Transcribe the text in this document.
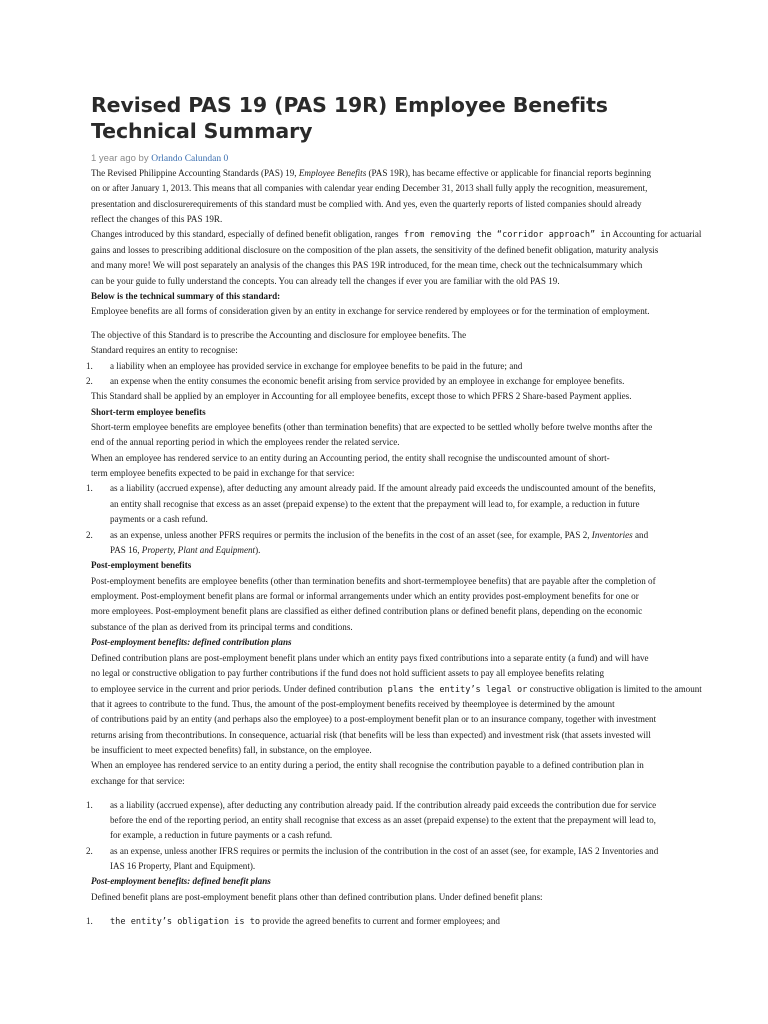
Revised PAS 19 (PAS 19R) Employee Benefits Technical Summary
1 year ago by Orlando Calundan 0
The Revised Philippine Accounting Standards (PAS) 19, Employee Benefits (PAS 19R), has became effective or applicable for financial reports beginning
on or after January 1, 2013. This means that all companies with calendar year ending December 31, 2013 shall fully apply the recognition, measurement,
presentation and disclosurerequirements of this standard must be complied with. And yes, even the quarterly reports of listed companies should already
reflect the changes of this PAS 19R.
Changes introduced by this standard, especially of defined benefit obligation, ranges from removing the “corridor approach” in Accounting for actuarial
gains and losses to prescribing additional disclosure on the composition of the plan assets, the sensitivity of the defined benefit obligation, maturity analysis
and many more! We will post separately an analysis of the changes this PAS 19R introduced, for the mean time, check out the technicalsummary which
can be your guide to fully understand the concepts. You can already tell the changes if ever you are familiar with the old PAS 19.
Below is the technical summary of this standard:
Employee benefits are all forms of consideration given by an entity in exchange for service rendered by employees or for the termination of employment.
The objective of this Standard is to prescribe the Accounting and disclosure for employee benefits. The
Standard requires an entity to recognise:
1. a liability when an employee has provided service in exchange for employee benefits to be paid in the future; and
2. an expense when the entity consumes the economic benefit arising from service provided by an employee in exchange for employee benefits.
This Standard shall be applied by an employer in Accounting for all employee benefits, except those to which PFRS 2 Share-based Payment applies.
Short-term employee benefits
Short-term employee benefits are employee benefits (other than termination benefits) that are expected to be settled wholly before twelve months after the
end of the annual reporting period in which the employees render the related service.
When an employee has rendered service to an entity during an Accounting period, the entity shall recognise the undiscounted amount of short-
term employee benefits expected to be paid in exchange for that service:
1. as a liability (accrued expense), after deducting any amount already paid. If the amount already paid exceeds the undiscounted amount of the benefits,
an entity shall recognise that excess as an asset (prepaid expense) to the extent that the prepayment will lead to, for example, a reduction in future
payments or a cash refund.
2. as an expense, unless another PFRS requires or permits the inclusion of the benefits in the cost of an asset (see, for example, PAS 2, Inventories and
PAS 16, Property, Plant and Equipment).
Post-employment benefits
Post-employment benefits are employee benefits (other than termination benefits and short-termemployee benefits) that are payable after the completion of
employment. Post-employment benefit plans are formal or informal arrangements under which an entity provides post-employment benefits for one or
more employees. Post-employment benefit plans are classified as either defined contribution plans or defined benefit plans, depending on the economic
substance of the plan as derived from its principal terms and conditions.
Post-employment benefits: defined contribution plans
Defined contribution plans are post-employment benefit plans under which an entity pays fixed contributions into a separate entity (a fund) and will have
no legal or constructive obligation to pay further contributions if the fund does not hold sufficient assets to pay all employee benefits relating
to employee service in the current and prior periods. Under defined contribution plans the entity’s legal or constructive obligation is limited to the amount
that it agrees to contribute to the fund. Thus, the amount of the post-employment benefits received by theemployee is determined by the amount
of contributions paid by an entity (and perhaps also the employee) to a post-employment benefit plan or to an insurance company, together with investment
returns arising from thecontributions. In consequence, actuarial risk (that benefits will be less than expected) and investment risk (that assets invested will
be insufficient to meet expected benefits) fall, in substance, on the employee.
When an employee has rendered service to an entity during a period, the entity shall recognise the contribution payable to a defined contribution plan in
exchange for that service:
1. as a liability (accrued expense), after deducting any contribution already paid. If the contribution already paid exceeds the contribution due for service
before the end of the reporting period, an entity shall recognise that excess as an asset (prepaid expense) to the extent that the prepayment will lead to,
for example, a reduction in future payments or a cash refund.
2. as an expense, unless another IFRS requires or permits the inclusion of the contribution in the cost of an asset (see, for example, IAS 2 Inventories and
IAS 16 Property, Plant and Equipment).
Post-employment benefits: defined benefit plans
Defined benefit plans are post-employment benefit plans other than defined contribution plans. Under defined benefit plans:
1. the entity’s obligation is to provide the agreed benefits to current and former employees; and
